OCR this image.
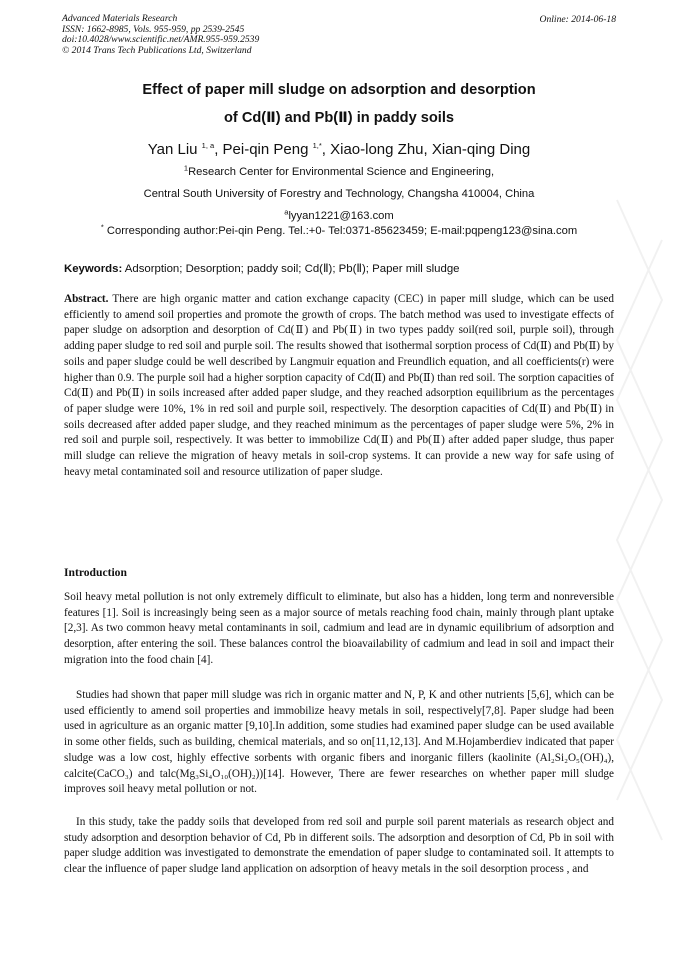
Advanced Materials Research
ISSN: 1662-8985, Vols. 955-959, pp 2539-2545
doi:10.4028/www.scientific.net/AMR.955-959.2539
© 2014 Trans Tech Publications Ltd, Switzerland
Online: 2014-06-18
Effect of paper mill sludge on adsorption and desorption
of Cd(Ⅱ) and Pb(Ⅱ) in paddy soils
Yan Liu $^{1, a}$, Pei-qin Peng $^{1,*}$, Xiao-long Zhu, Xian-qing Ding
$^1$Research Center for Environmental Science and Engineering,
Central South University of Forestry and Technology, Changsha 410004, China
$^a$lyyan1221@163.com
* Corresponding author:Pei-qin Peng. Tel.:+0- Tel:0371-85623459; E-mail:pqpeng123@sina.com
Keywords: Adsorption; Desorption; paddy soil; Cd(Ⅱ); Pb(Ⅱ); Paper mill sludge
Abstract. There are high organic matter and cation exchange capacity (CEC) in paper mill sludge, which can be used efficiently to amend soil properties and promote the growth of crops. The batch method was used to investigate effects of paper sludge on adsorption and desorption of Cd(Ⅱ) and Pb(Ⅱ) in two types paddy soil(red soil, purple soil), through adding paper sludge to red soil and purple soil. The results showed that isothermal sorption process of Cd(Ⅱ) and Pb(Ⅱ) by soils and paper sludge could be well described by Langmuir equation and Freundlich equation, and all coefficients(r) were higher than 0.9. The purple soil had a higher sorption capacity of Cd(Ⅱ) and Pb(Ⅱ) than red soil. The sorption capacities of Cd(Ⅱ) and Pb(Ⅱ) in soils increased after added paper sludge, and they reached adsorption equilibrium as the percentages of paper sludge were 10%, 1% in red soil and purple soil, respectively. The desorption capacities of Cd(Ⅱ) and Pb(Ⅱ) in soils decreased after added paper sludge, and they reached minimum as the percentages of paper sludge were 5%, 2% in red soil and purple soil, respectively. It was better to immobilize Cd(Ⅱ) and Pb(Ⅱ) after added paper sludge, thus paper mill sludge can relieve the migration of heavy metals in soil-crop systems. It can provide a new way for safe using of heavy metal contaminated soil and resource utilization of paper sludge.
Introduction
Soil heavy metal pollution is not only extremely difficult to eliminate, but also has a hidden, long term and nonreversible features [1]. Soil is increasingly being seen as a major source of metals reaching food chain, mainly through plant uptake [2,3]. As two common heavy metal contaminants in soil, cadmium and lead are in dynamic equilibrium of adsorption and desorption, after entering the soil. These balances control the bioavailability of cadmium and lead in soil and impact their migration into the food chain [4].
Studies had shown that paper mill sludge was rich in organic matter and N, P, K and other nutrients [5,6], which can be used efficiently to amend soil properties and immobilize heavy metals in soil, respectively[7,8]. Paper sludge had been used in agriculture as an organic matter [9,10].In addition, some studies had examined paper sludge can be used available in some other fields, such as building, chemical materials, and so on[11,12,13]. And M.Hojamberdiev indicated that paper sludge was a low cost, highly effective sorbents with organic fibers and inorganic fillers (kaolinite (Al₂Si₂O₅(OH)₄), calcite(CaCO₃) and talc(Mg₃Si₄O₁₀(OH)₂))[14]. However, There are fewer researches on whether paper mill sludge improves soil heavy metal pollution or not.
In this study, take the paddy soils that developed from red soil and purple soil parent materials as research object and study adsorption and desorption behavior of Cd, Pb in different soils. The adsorption and desorption of Cd, Pb in soil with paper sludge addition was investigated to demonstrate the emendation of paper sludge to contaminated soil. It attempts to clear the influence of paper sludge land application on adsorption of heavy metals in the soil desorption process , and
